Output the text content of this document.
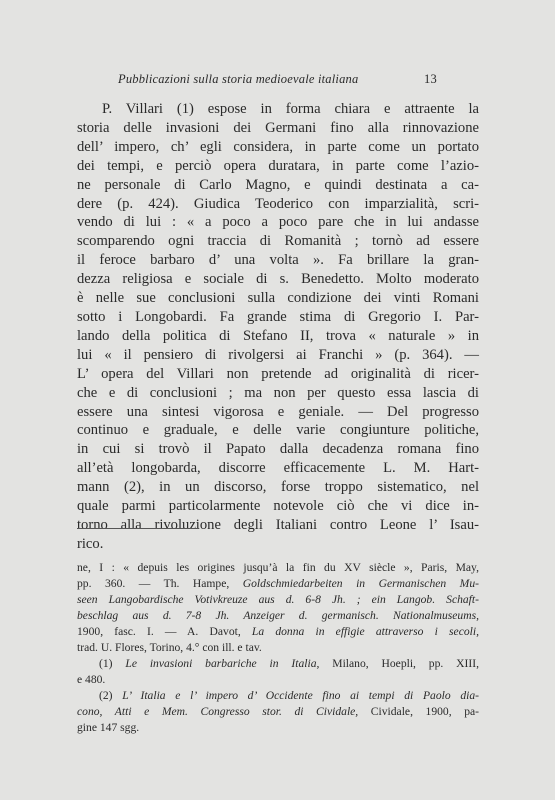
Pubblicazioni sulla storia medioevale italiana	13
P. Villari (1) espose in forma chiara e attraente la
storia delle invasioni dei Germani fino alla rinnovazione
dell’ impero, ch’ egli considera, in parte come un portato
dei tempi, e perciò opera duratara, in parte come l’azio-
ne personale di Carlo Magno, e quindi destinata a ca-
dere (p. 424). Giudica Teoderico con imparzialità, scri-
vendo di lui : « a poco a poco pare che in lui andasse
scomparendo ogni traccia di Romanità ; tornò ad essere
il feroce barbaro d’ una volta ». Fa brillare la gran-
dezza religiosa e sociale di s. Benedetto. Molto moderato
è nelle sue conclusioni sulla condizione dei vinti Romani
sotto i Longobardi. Fa grande stima di Gregorio I. Par-
lando della politica di Stefano II, trova « naturale » in
lui « il pensiero di rivolgersi ai Franchi » (p. 364). —
L’ opera del Villari non pretende ad originalità di ricer-
che e di conclusioni ; ma non per questo essa lascia di
essere una sintesi vigorosa e geniale. — Del progresso
continuo e graduale, e delle varie congiunture politiche,
in cui si trovò il Papato dalla decadenza romana fino
all’età longobarda, discorre efficacemente L. M. Hart-
mann (2), in un discorso, forse troppo sistematico, nel
quale parmi particolarmente notevole ciò che vi dice in-
torno alla rivoluzione degli Italiani contro Leone l’ Isau-
rico.
ne, I : « depuis les origines jusqu’à la fin du XV siècle », Paris, May,
pp. 360. — Th. Hampe, Goldschmiedarbeiten in Germanischen Mu-
seen Langobardische Votivkreuze aus d. 6-8 Jh. ; ein Langob. Schaft-
beschlag aus d. 7-8 Jh. Anzeiger d. germanisch. Nationalmuseums,
1900, fasc. I. — A. Davot, La donna in effigie attraverso i secoli,
trad. U. Flores, Torino, 4.° con ill. e tav.
(1) Le invasioni barbariche in Italia, Milano, Hoepli, pp. XIII,
e 480.
(2) L’ Italia e l’ impero d’ Occidente fino ai tempi di Paolo dia-
cono, Atti e Mem. Congresso stor. di Cividale, Cividale, 1900, pa-
gine 147 sgg.
